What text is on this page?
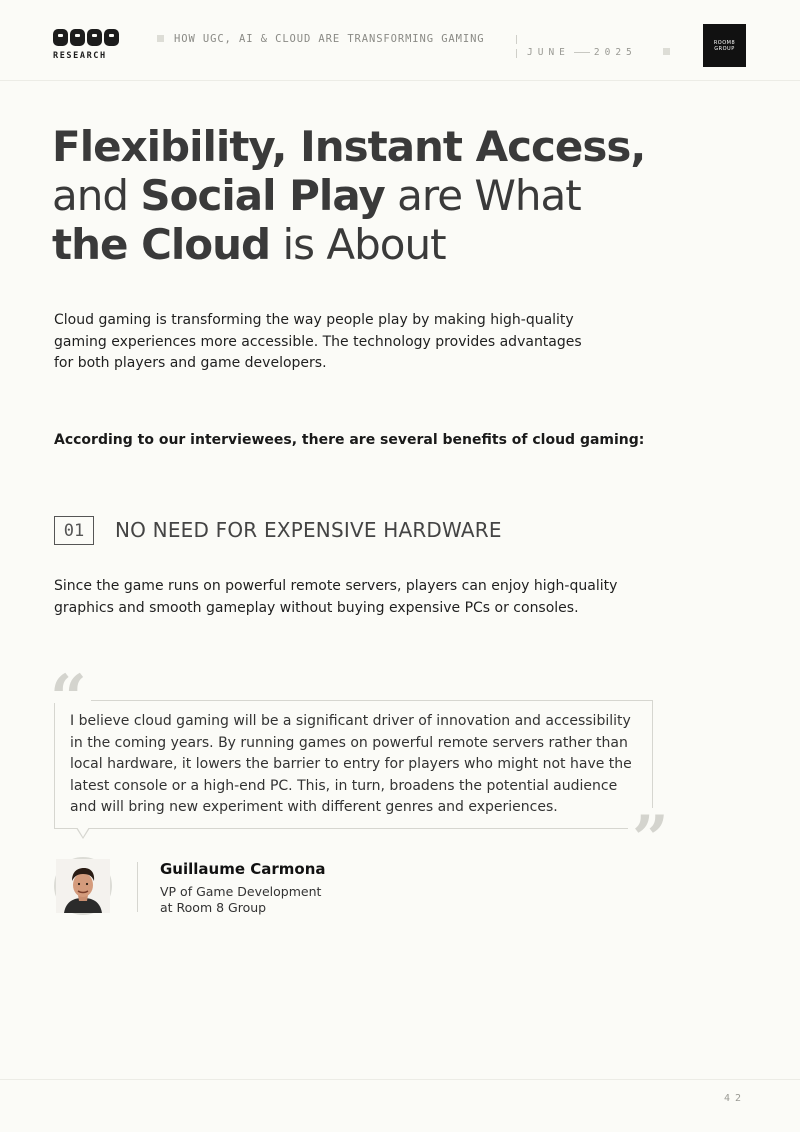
RESEARCH
HOW UGC, AI & CLOUD ARE TRANSFORMING GAMING
JUNE	2025
ROOM8
GROUP
Flexibility, Instant Access,
and Social Play are What
the Cloud is About

Cloud gaming is transforming the way people play by making high-quality gaming experiences more accessible. The technology provides advantages for both players and game developers.

According to our interviewees, there are several benefits of cloud gaming:

01	NO NEED FOR EXPENSIVE HARDWARE

Since the game runs on powerful remote servers, players can enjoy high-quality graphics and smooth gameplay without buying expensive PCs or consoles.

“
”

I believe cloud gaming will be a significant driver of innovation and accessibility in the coming years. By running games on powerful remote servers rather than local hardware, it lowers the barrier to entry for players who might not have the latest console or a high-end PC. This, in turn, broadens the potential audience and will bring new experiment with different genres and experiences.

Guillaume Carmona
VP of Game Development
at Room 8 Group
42
